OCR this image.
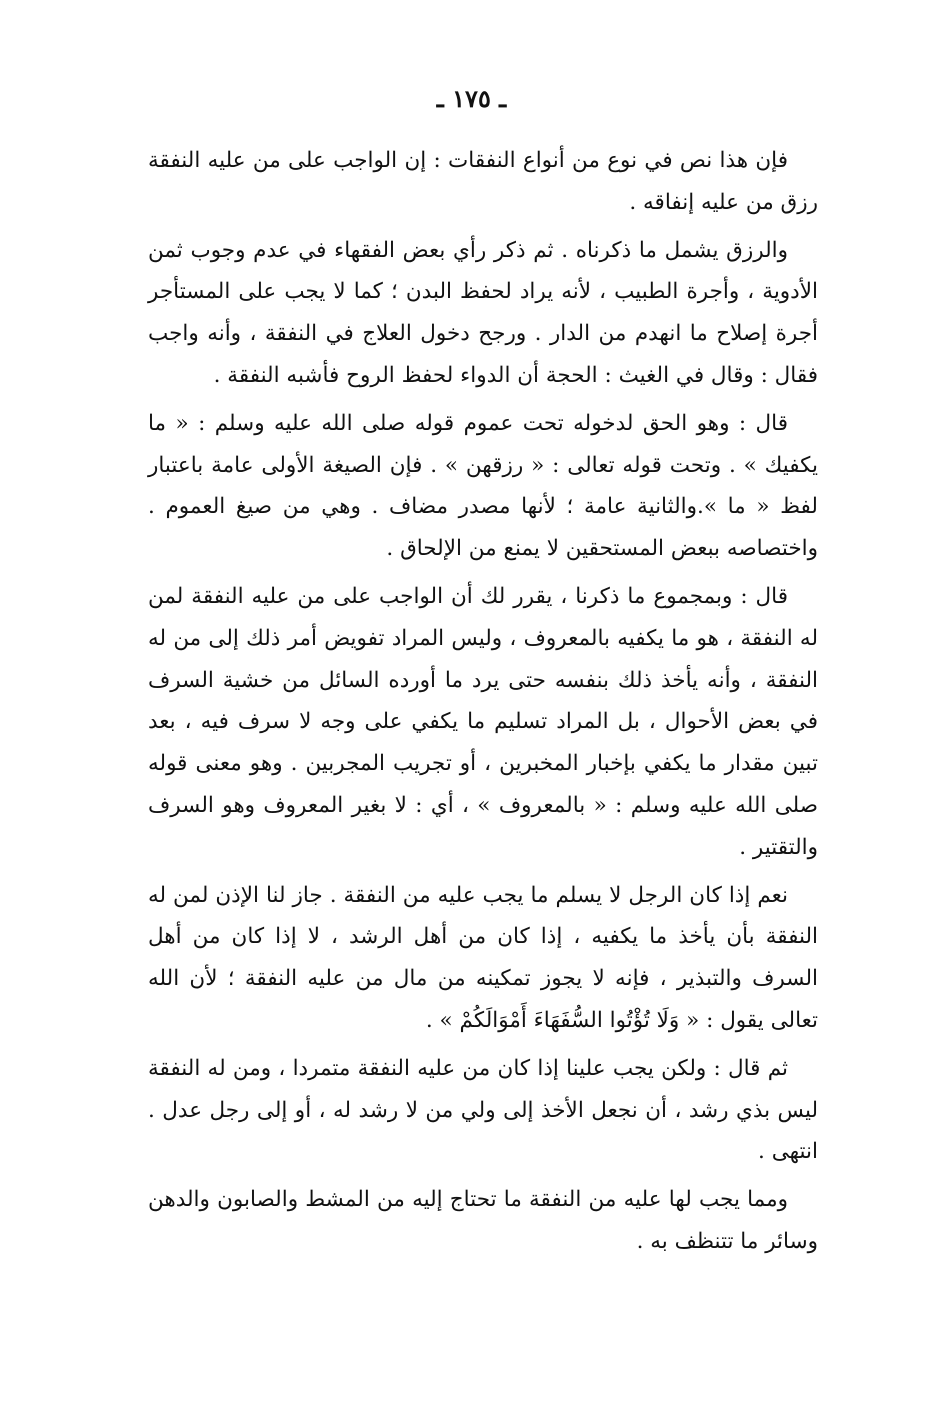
ـ ١٧٥ ـ

فإن هذا نص في نوع من أنواع النفقات : إن الواجب على من عليه النفقة رزق من عليه إنفاقه .

والرزق يشمل ما ذكرناه . ثم ذكر رأي بعض الفقهاء في عدم وجوب ثمن الأدوية ، وأجرة الطبيب ، لأنه يراد لحفظ البدن ؛ كما لا يجب على المستأجر أجرة إصلاح ما انهدم من الدار . ورجح دخول العلاج في النفقة ، وأنه واجب فقال : وقال في الغيث : الحجة أن الدواء لحفظ الروح فأشبه النفقة .

قال : وهو الحق لدخوله تحت عموم قوله صلى الله عليه وسلم : « ما يكفيك » . وتحت قوله تعالى : « رزقهن » . فإن الصيغة الأولى عامة باعتبار لفظ « ما ».والثانية عامة ؛ لأنها مصدر مضاف . وهي من صيغ العموم . واختصاصه ببعض المستحقين لا يمنع من الإلحاق .

قال : وبمجموع ما ذكرنا ، يقرر لك أن الواجب على من عليه النفقة لمن له النفقة ، هو ما يكفيه بالمعروف ، وليس المراد تفويض أمر ذلك إلى من له النفقة ، وأنه يأخذ ذلك بنفسه حتى يرد ما أورده السائل من خشية السرف في بعض الأحوال ، بل المراد تسليم ما يكفي على وجه لا سرف فيه ، بعد تبين مقدار ما يكفي بإخبار المخبرين ، أو تجريب المجربين . وهو معنى قوله صلى الله عليه وسلم : « بالمعروف » ، أي : لا بغير المعروف وهو السرف والتقتير .

نعم إذا كان الرجل لا يسلم ما يجب عليه من النفقة . جاز لنا الإذن لمن له النفقة بأن يأخذ ما يكفيه ، إذا كان من أهل الرشد ، لا إذا كان من أهل السرف والتبذير ، فإنه لا يجوز تمكينه من مال من عليه النفقة ؛ لأن الله تعالى يقول : « وَلَا تُؤْتُوا السُّفَهَاءَ أَمْوَالَكُمْ » .

ثم قال : ولكن يجب علينا إذا كان من عليه النفقة متمردا ، ومن له النفقة ليس بذي رشد ، أن نجعل الأخذ إلى ولي من لا رشد له ، أو إلى رجل عدل . انتهى .

ومما يجب لها عليه من النفقة ما تحتاج إليه من المشط والصابون والدهن وسائر ما تتنظف به .
